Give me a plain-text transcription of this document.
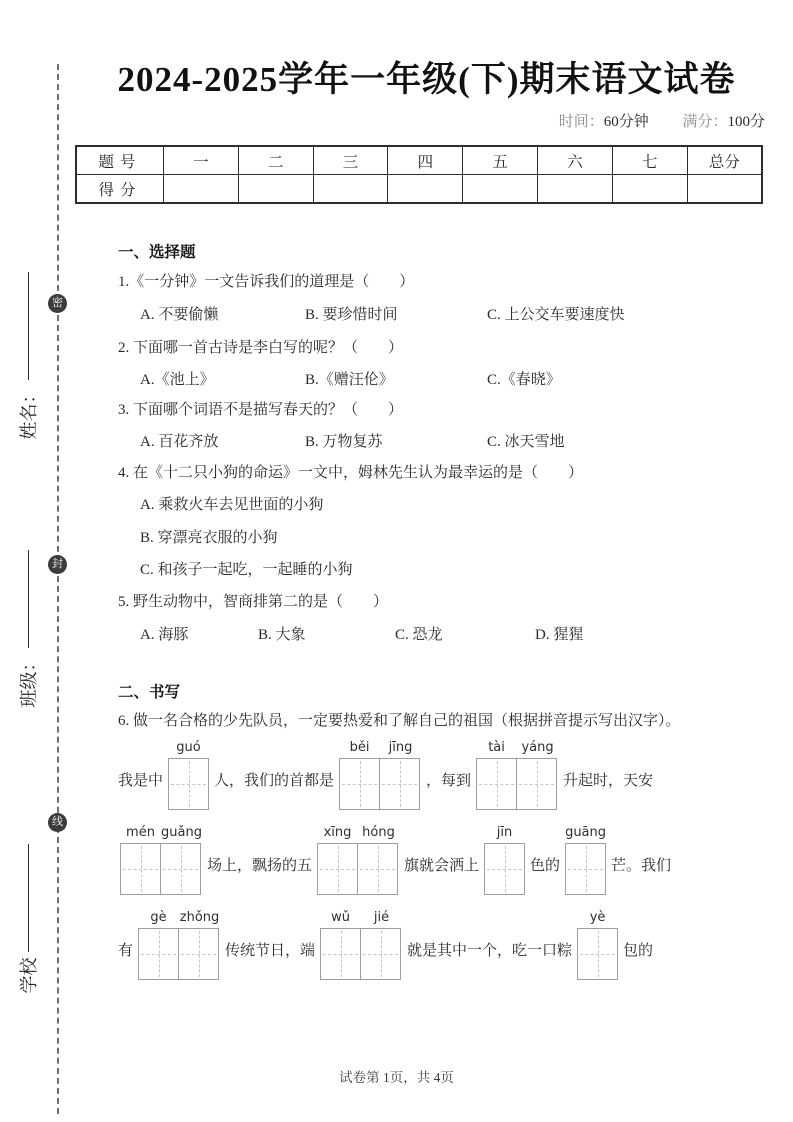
密
封
线
姓名：
班级：
学校
2024-2025学年一年级(下)期末语文试卷
时间：60分钟 满分：100分
题号	一	二	三	四	五	六	七	总分
得分								
一、选择题
1.《一分钟》一文告诉我们的道理是（　　）
A. 不要偷懒	B. 要珍惜时间	C. 上公交车要速度快
2. 下面哪一首古诗是李白写的呢？（　　）
A.《池上》	B.《赠汪伦》	C.《春晓》
3. 下面哪个词语不是描写春天的？（　　）
A. 百花齐放	B. 万物复苏	C. 冰天雪地
4. 在《十二只小狗的命运》一文中，姆林先生认为最幸运的是（　　）
A. 乘救火车去见世面的小狗
B. 穿漂亮衣服的小狗
C. 和孩子一起吃，一起睡的小狗
5. 野生动物中，智商排第二的是（　　）
A. 海豚	B. 大象	C. 恐龙	D. 猩猩
二、书写
6. 做一名合格的少先队员，一定要热爱和了解自己的祖国（根据拼音提示写出汉字）。
我是中
guó
人，我们的首都是
běi	jīng
，每到
tài	yáng
升起时，天安
mén guǎng
场上，飘扬的五
xīng hóng
旗就会洒上
jīn
色的
guāng
芒。我们
有
gè	zhǒng
传统节日，端
wǔ	jié
就是其中一个，吃一口粽
yè
包的
试卷第 1页，共 4页
